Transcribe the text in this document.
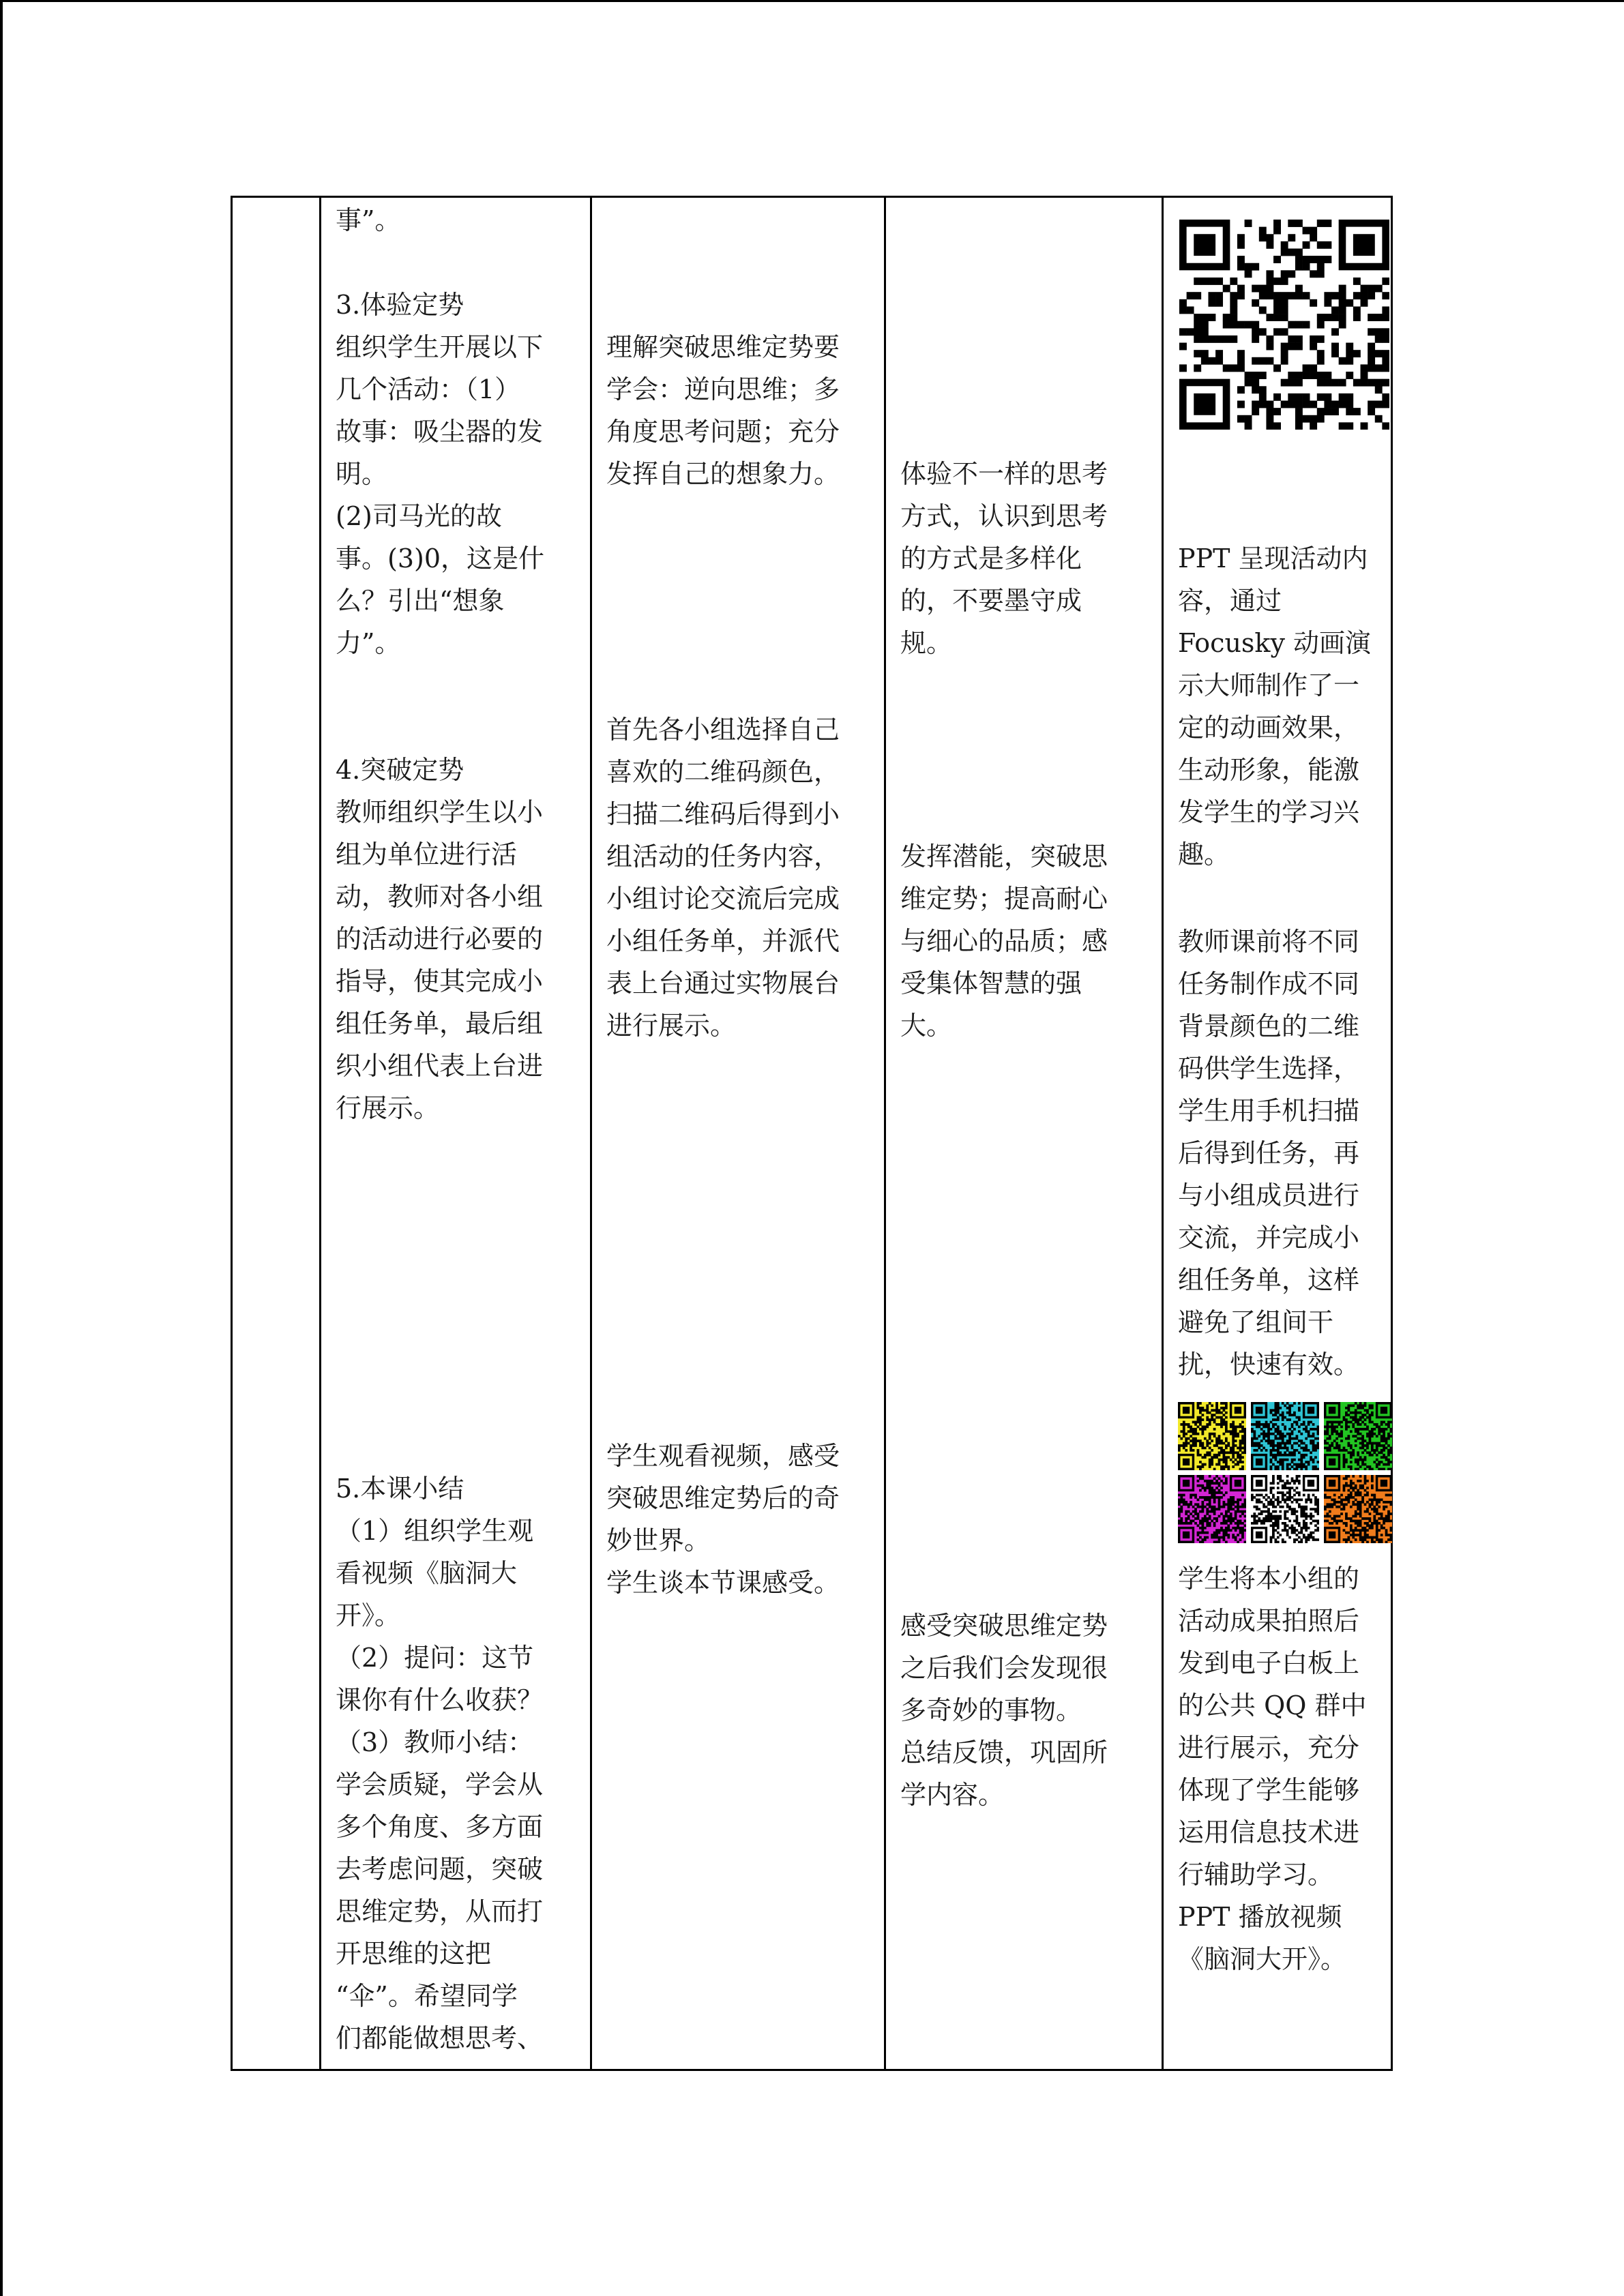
事”。
3.体验定势
组织学生开展以下
几个活动：（1）
故事：吸尘器的发
明。
(2)司马光的故
事。(3)0，这是什
么？引出“想象
力”。
4.突破定势
教师组织学生以小
组为单位进行活
动，教师对各小组
的活动进行必要的
指导，使其完成小
组任务单，最后组
织小组代表上台进
行展示。
5.本课小结
（1）组织学生观
看视频《脑洞大
开》。
（2）提问：这节
课你有什么收获？
（3）教师小结：
学会质疑，学会从
多个角度、多方面
去考虑问题，突破
思维定势，从而打
开思维的这把
“伞”。希望同学
们都能做想思考、
理解突破思维定势要
学会：逆向思维；多
角度思考问题；充分
发挥自己的想象力。
首先各小组选择自己
喜欢的二维码颜色，
扫描二维码后得到小
组活动的任务内容，
小组讨论交流后完成
小组任务单，并派代
表上台通过实物展台
进行展示。
学生观看视频，感受
突破思维定势后的奇
妙世界。
学生谈本节课感受。
体验不一样的思考
方式，认识到思考
的方式是多样化
的，不要墨守成
规。
发挥潜能，突破思
维定势；提高耐心
与细心的品质；感
受集体智慧的强
大。
感受突破思维定势
之后我们会发现很
多奇妙的事物。
总结反馈，巩固所
学内容。
PPT 呈现活动内
容，通过
Focusky 动画演
示大师制作了一
定的动画效果，
生动形象，能激
发学生的学习兴
趣。
教师课前将不同
任务制作成不同
背景颜色的二维
码供学生选择，
学生用手机扫描
后得到任务，再
与小组成员进行
交流，并完成小
组任务单，这样
避免了组间干
扰，快速有效。
学生将本小组的
活动成果拍照后
发到电子白板上
的公共 QQ 群中
进行展示，充分
体现了学生能够
运用信息技术进
行辅助学习。
PPT 播放视频
《脑洞大开》。
